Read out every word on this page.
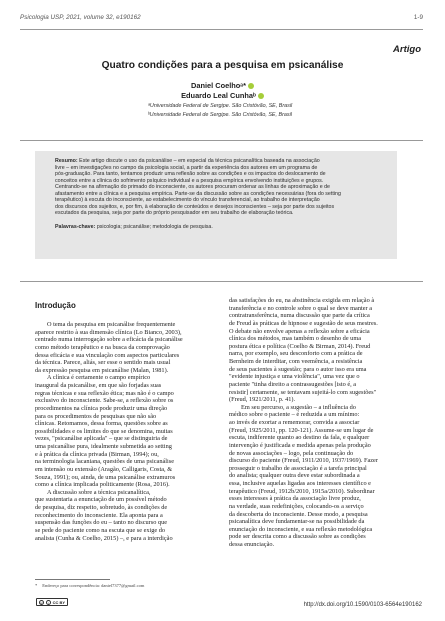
Psicologia USP, 2021, volume 32, e190162	1-9
Artigo
Quatro condições para a pesquisa em psicanálise
Daniel Coelhoᵃ*
Eduardo Leal Cunhaᵇ
ᵃUniversidade Federal de Sergipe. São Cristóvão, SE, Brasil
ᵇUniversidade Federal de Sergipe. São Cristóvão, SE, Brasil
Resumo: Este artigo discute o uso da psicanálise – em especial da técnica psicanalítica baseada na associação
livre – em investigações no campo da psicologia social, a partir da experiência dos autores em um programa de
pós-graduação. Para tanto, tentamos produzir uma reflexão sobre as condições e os impactos do deslocamento de
conceitos entre a clínica do sofrimento psíquico individual e a pesquisa empírica envolvendo instituições e grupos.
Centrando-se na afirmação do primado do inconsciente, os autores procuram ordenar as linhas de aproximação e de
afastamento entre a clínica e a pesquisa empírica. Parte-se da discussão sobre as condições necessárias (fora do setting
terapêutico) à escuta do inconsciente, ao estabelecimento do vínculo transferencial, ao trabalho de interpretação
dos discursos dos sujeitos, e, por fim, à elaboração de conteúdos e desejos inconscientes – seja por parte dos sujeitos
escutados da pesquisa, seja por parte do próprio pesquisador em seu trabalho de elaboração teórica.
Palavras-chave: psicologia; psicanálise; metodologia de pesquisa.
Introdução
O tema da pesquisa em psicanálise frequentemente
aparece restrito à sua dimensão clínica (Lo Bianco, 2003),
centrado numa interrogação sobre a eficácia da psicanálise
como método terapêutico e na busca da comprovação
dessa eficácia e sua vinculação com aspectos particulares
da técnica. Parece, aliás, ser esse o sentido mais usual
da expressão pesquisa em psicanálise (Malan, 1981).
A clínica é certamente o campo empírico
inaugural da psicanálise, em que são forjadas suas
regras técnicas e sua reflexão ética; mas não é o campo
exclusivo do inconsciente. Sabe-se, a reflexão sobre os
procedimentos na clínica pode produzir uma direção
para os procedimentos de pesquisas que não são
clínicas. Retomamos, dessa forma, questões sobre as
possibilidades e os limites do que se denomina, muitas
vezes, "psicanálise aplicada" – que se distinguiria de
uma psicanálise pura, idealmente submetida ao setting
e à prática da clínica privada (Birman, 1994); ou,
na terminologia lacaniana, questões de uma psicanálise
em intensão ou extensão (Aragão, Calligaris, Costa, &
Souza, 1991); ou, ainda, de uma psicanálise extramuros
como a clínica implicada politicamente (Rosa, 2016).
A discussão sobre a técnica psicanalítica,
que sustentaria a enunciação de um possível método
de pesquisa, diz respeito, sobretudo, às condições de
reconhecimento do inconsciente. Ela aponta para a
suspensão das funções do eu – tanto no discurso que
se pede do paciente como na escuta que se exige do
analista (Cunha & Coelho, 2015) –, e para a interdição
das satisfações do eu, na abstinência exigida em relação à
transferência e no controle sobre o qual se deve manter a
contratransferência, numa discussão que parte da crítica
de Freud às práticas de hipnose e sugestão de seus mestres.
O debate não envolve apenas a reflexão sobre a eficácia
clínica dos métodos, mas também o desenho de uma
postura ética e política (Coelho & Birman, 2014). Freud
narra, por exemplo, seu desconforto com a prática de
Bernheim de interditar, com veemência, a resistência
de seus pacientes à sugestão; para o autor isso era uma
"evidente injustiça e uma violência", uma vez que o
paciente "tinha direito a contrassugestões [isto é, a
resistir] certamente, se tentavam sujeitá-lo com sugestões"
(Freud, 1921/2011, p. 41).
Em seu percurso, a sugestão – a influência do
médico sobre o paciente – é reduzida a um mínimo:
ao invés de exortar a rememorar, convida a associar
(Freud, 1925/2011, pp. 120-121). Assume-se um lugar de
escuta, indiferente quanto ao destino da fala, e qualquer
intervenção é justificada e medida apenas pela produção
de novas associações – logo, pela continuação do
discurso do paciente (Freud, 1911/2010, 1937/1969). Fazer
prosseguir o trabalho de associação é a tarefa principal
do analista; qualquer outra deve estar subordinada a
essa, inclusive aquelas ligadas aos interesses científico e
terapêutico (Freud, 1912b/2010, 1915a/2010). Subordinar
esses interesses à prática da associação livre produz,
na verdade, suas redefinições, colocando-os a serviço
da descoberta do inconsciente. Desse modo, a pesquisa
psicanalítica deve fundamentar-se na possibilidade da
enunciação do inconsciente, e sua reflexão metodológica
pode ser descrita como a discussão sobre as condições
dessa enunciação.
* Endereço para correspondência: daniel7377@gmail.com
cc	i	CC BY	http://dx.doi.org/10.1590/0103-6564e190162
